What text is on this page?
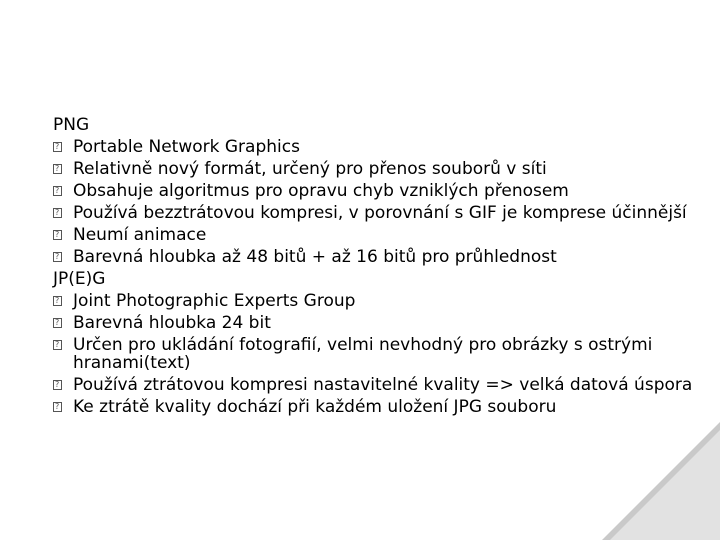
PNG
?
Portable Network Graphics
?
Relativně nový formát, určený pro přenos souborů v síti
?
Obsahuje algoritmus pro opravu chyb vzniklých přenosem
?
Používá bezztrátovou kompresi, v porovnání s GIF je komprese účinnější
?
Neumí animace
?
Barevná hloubka až 48 bitů + až 16 bitů pro průhlednost
JP(E)G
?
Joint Photographic Experts Group
?
Barevná hloubka 24 bit
?
Určen pro ukládání fotografií, velmi nevhodný pro obrázky s ostrými hranami(text)
?
Používá ztrátovou kompresi nastavitelné kvality => velká datová úspora
?
Ke ztrátě kvality dochází při každém uložení JPG souboru
